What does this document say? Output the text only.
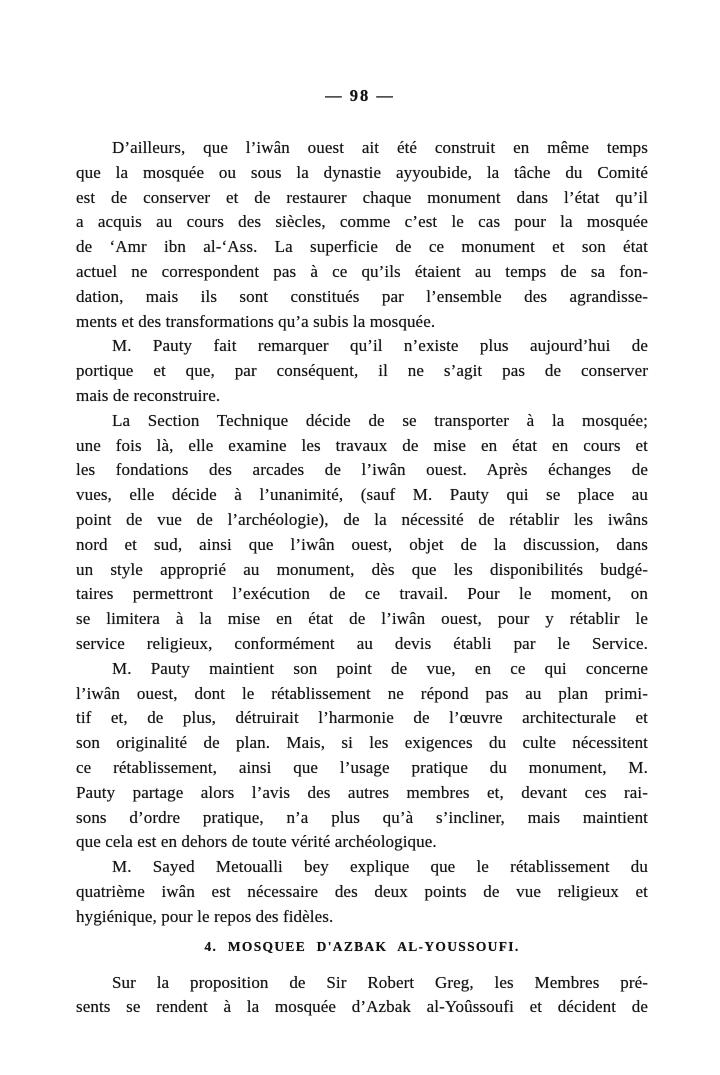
— 98 —
D’ailleurs, que l’iwân ouest ait été construit en même temps
que la mosquée ou sous la dynastie ayyoubide, la tâche du Comité
est de conserver et de restaurer chaque monument dans l’état qu’il
a acquis au cours des siècles, comme c’est le cas pour la mosquée
de ‘Amr ibn al-‘Ass. La superficie de ce monument et son état
actuel ne correspondent pas à ce qu’ils étaient au temps de sa fon-
dation, mais ils sont constitués par l’ensemble des agrandisse-
ments et des transformations qu’a subis la mosquée.
M. Pauty fait remarquer qu’il n’existe plus aujourd’hui de
portique et que, par conséquent, il ne s’agit pas de conserver
mais de reconstruire.
La Section Technique décide de se transporter à la mosquée;
une fois là, elle examine les travaux de mise en état en cours et
les fondations des arcades de l’iwân ouest. Après échanges de
vues, elle décide à l’unanimité, (sauf M. Pauty qui se place au
point de vue de l’archéologie), de la nécessité de rétablir les iwâns
nord et sud, ainsi que l’iwân ouest, objet de la discussion, dans
un style approprié au monument, dès que les disponibilités budgé-
taires permettront l’exécution de ce travail. Pour le moment, on
se limitera à la mise en état de l’iwân ouest, pour y rétablir le
service religieux, conformément au devis établi par le Service.
M. Pauty maintient son point de vue, en ce qui concerne
l’iwân ouest, dont le rétablissement ne répond pas au plan primi-
tif et, de plus, détruirait l’harmonie de l’œuvre architecturale et
son originalité de plan. Mais, si les exigences du culte nécessitent
ce rétablissement, ainsi que l’usage pratique du monument, M.
Pauty partage alors l’avis des autres membres et, devant ces rai-
sons d’ordre pratique, n’a plus qu’à s’incliner, mais maintient
que cela est en dehors de toute vérité archéologique.
M. Sayed Metoualli bey explique que le rétablissement du
quatrième iwân est nécessaire des deux points de vue religieux et
hygiénique, pour le repos des fidèles.
4. MOSQUEE D'AZBAK AL-YOUSSOUFI.
Sur la proposition de Sir Robert Greg, les Membres pré-
sents se rendent à la mosquée d’Azbak al-Yoûssoufi et décident de
